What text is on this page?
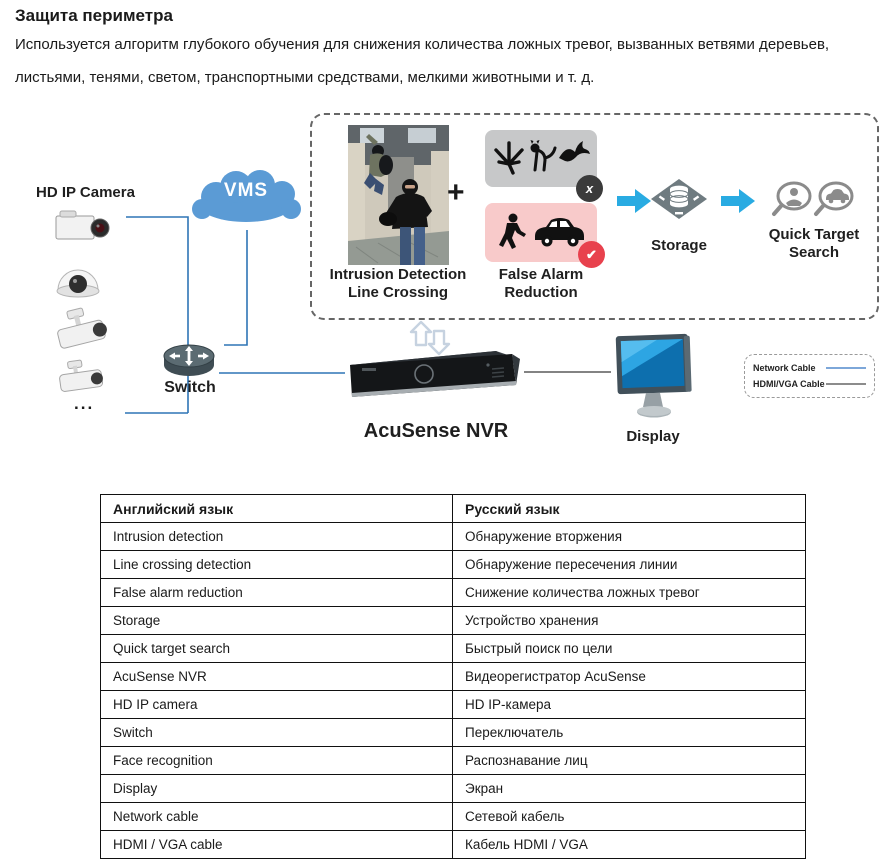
Защита периметра
Используется алгоритм глубокого обучения для снижения количества ложных тревог, вызванных ветвями деревьев,
листьями, тенями, светом, транспортными средствами, мелкими животными и т. д.
HD IP Camera
...
VMS
Switch
Intrusion Detection
Line Crossing
+	x
✔
False Alarm
Reduction
Storage
Quick Target
Search
AcuSense NVR	Display
Network Cable
HDMI/VGA Cable
Английский язык	Русский язык
Intrusion detection	Обнаружение вторжения
Line crossing detection	Обнаружение пересечения линии
False alarm reduction	Снижение количества ложных тревог
Storage	Устройство хранения
Quick target search	Быстрый поиск по цели
AcuSense NVR	Видеорегистратор AcuSense
HD IP camera	HD IP-камера
Switch	Переключатель
Face recognition	Распознавание лиц
Display	Экран
Network cable	Сетевой кабель
HDMI / VGA cable	Кабель HDMI / VGA
